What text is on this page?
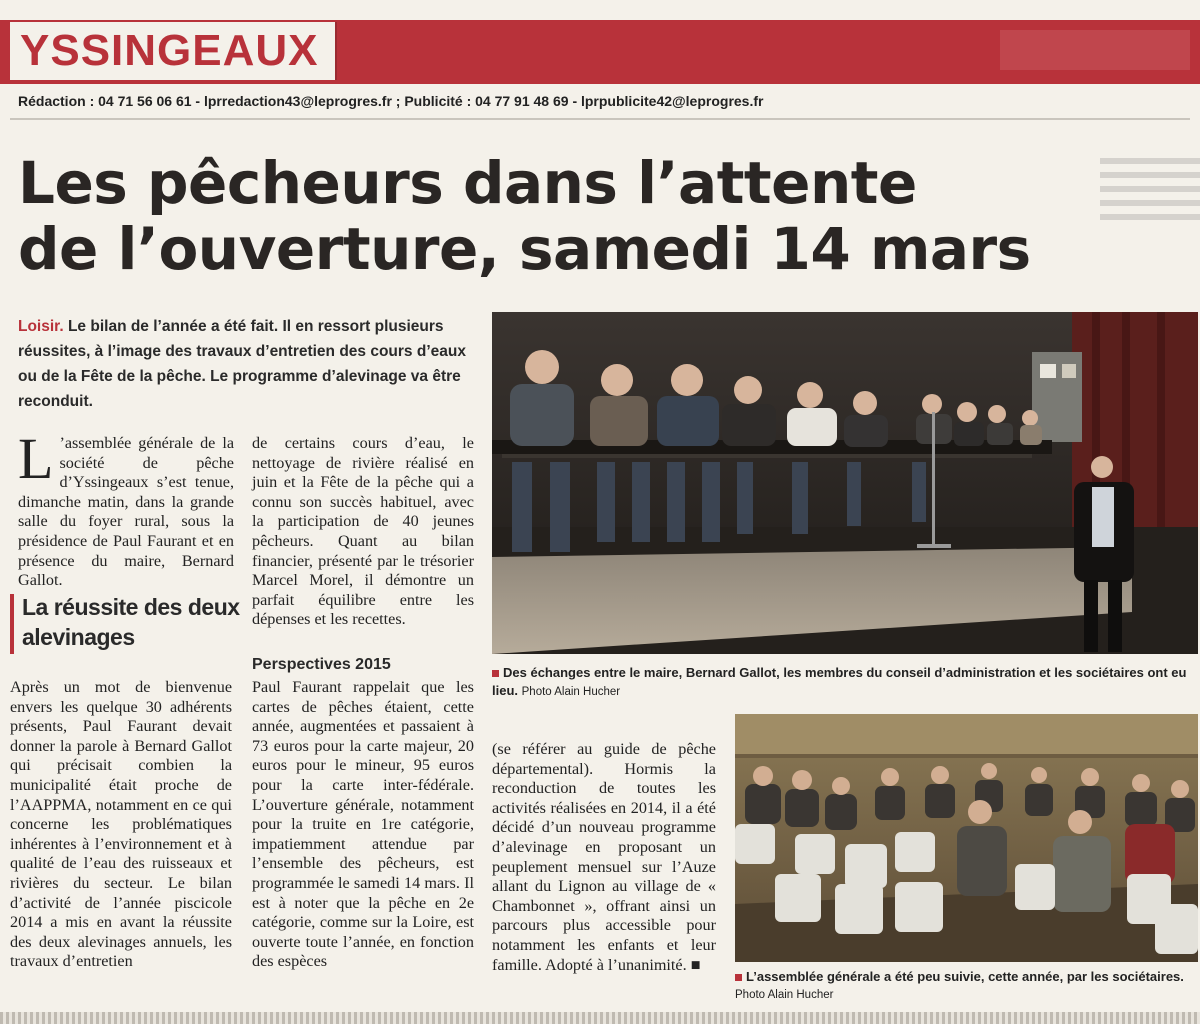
YSSINGEAUX
Rédaction : 04 71 56 06 61 - lprredaction43@leprogres.fr ; Publicité : 04 77 91 48 69 - lprpublicite42@leprogres.fr
Les pêcheurs dans l’attente
de l’ouverture, samedi 14 mars
Loisir. Le bilan de l’année a été fait. Il en ressort plusieurs réussites, à l’image des travaux d’entretien des cours d’eaux ou de la Fête de la pêche. Le programme d’alevinage va être reconduit.
L ’assemblée générale de la société de pêche d’Yssingeaux s’est tenue, dimanche matin, dans la grande salle du foyer rural, sous la présidence de Paul Faurant et en présence du maire, Bernard Gallot.
La réussite des deux alevinages
Après un mot de bienvenue envers les quelque 30 adhérents présents, Paul Faurant devait donner la parole à Bernard Gallot qui précisait combien la municipalité était proche de l’AAPPMA, notamment en ce qui concerne les problématiques inhérentes à l’environnement et à qualité de l’eau des ruisseaux et rivières du secteur. Le bilan d’activité de l’année piscicole 2014 a mis en avant la réussite des deux alevinages annuels, les travaux d’entretien
de certains cours d’eau, le nettoyage de rivière réalisé en juin et la Fête de la pêche qui a connu son succès habituel, avec la participation de 40 jeunes pêcheurs. Quant au bilan financier, présenté par le trésorier Marcel Morel, il démontre un parfait équilibre entre les dépenses et les recettes.
Perspectives 2015
Paul Faurant rappelait que les cartes de pêches étaient, cette année, augmentées et passaient à 73 euros pour la carte majeur, 20 euros pour le mineur, 95 euros pour la carte inter-fédérale. L’ouverture générale, notamment pour la truite en 1re catégorie, impatiemment attendue par l’ensemble des pêcheurs, est programmée le samedi 14 mars. Il est à noter que la pêche en 2e catégorie, comme sur la Loire, est ouverte toute l’année, en fonction des espèces
(se référer au guide de pêche départemental). Hormis la reconduction de toutes les activités réalisées en 2014, il a été décidé d’un nouveau programme d’alevinage en proposant un peuplement mensuel sur l’Auze allant du Lignon au village de « Chambonnet », offrant ainsi un parcours plus accessible pour notamment les enfants et leur famille. Adopté à l’unanimité. ■
Des échanges entre le maire, Bernard Gallot, les membres du conseil d’administration et les sociétaires ont eu lieu. Photo Alain Hucher
L’assemblée générale a été peu suivie, cette année, par les sociétaires.
Photo Alain Hucher
